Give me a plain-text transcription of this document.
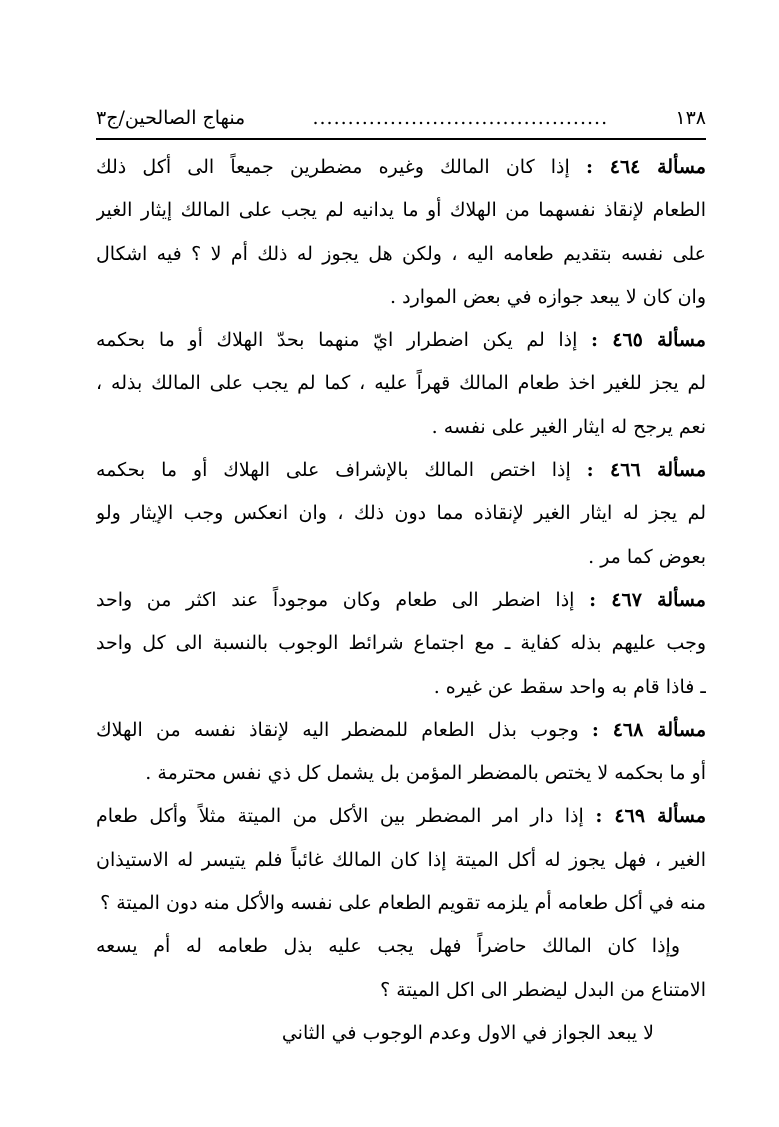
١٣٨
..........................................
منهاج الصالحين/ج٣
مسألة ٤٦٤ : إذا كان المالك وغيره مضطرين جميعاً الى أكل ذلك
الطعام لإنقاذ نفسهما من الهلاك أو ما يدانيه لم يجب على المالك إيثار الغير
على نفسه بتقديم طعامه اليه ، ولكن هل يجوز له ذلك أم لا ؟ فيه اشكال
وان كان لا يبعد جوازه في بعض الموارد .
مسألة ٤٦٥ : إذا لم يكن اضطرار ايّ منهما بحدّ الهلاك أو ما بحكمه
لم يجز للغير اخذ طعام المالك قهراً عليه ، كما لم يجب على المالك بذله ،
نعم يرجح له ايثار الغير على نفسه .
مسألة ٤٦٦ : إذا اختص المالك بالإشراف على الهلاك أو ما بحكمه
لم يجز له ايثار الغير لإنقاذه مما دون ذلك ، وان انعكس وجب الإيثار ولو
بعوض كما مر .
مسألة ٤٦٧ : إذا اضطر الى طعام وكان موجوداً عند اكثر من واحد
وجب عليهم بذله كفاية ـ مع اجتماع شرائط الوجوب بالنسبة الى كل واحد
ـ فاذا قام به واحد سقط عن غيره .
مسألة ٤٦٨ : وجوب بذل الطعام للمضطر اليه لإنقاذ نفسه من الهلاك
أو ما بحكمه لا يختص بالمضطر المؤمن بل يشمل كل ذي نفس محترمة .
مسألة ٤٦٩ : إذا دار امر المضطر بين الأكل من الميتة مثلاً وأكل طعام
الغير ، فهل يجوز له أكل الميتة إذا كان المالك غائباً فلم يتيسر له الاستيذان
منه في أكل طعامه أم يلزمه تقويم الطعام على نفسه والأكل منه دون الميتة ؟
وإذا كان المالك حاضراً فهل يجب عليه بذل طعامه له أم يسعه
الامتناع من البدل ليضطر الى اكل الميتة ؟
لا يبعد الجواز في الاول وعدم الوجوب في الثاني
